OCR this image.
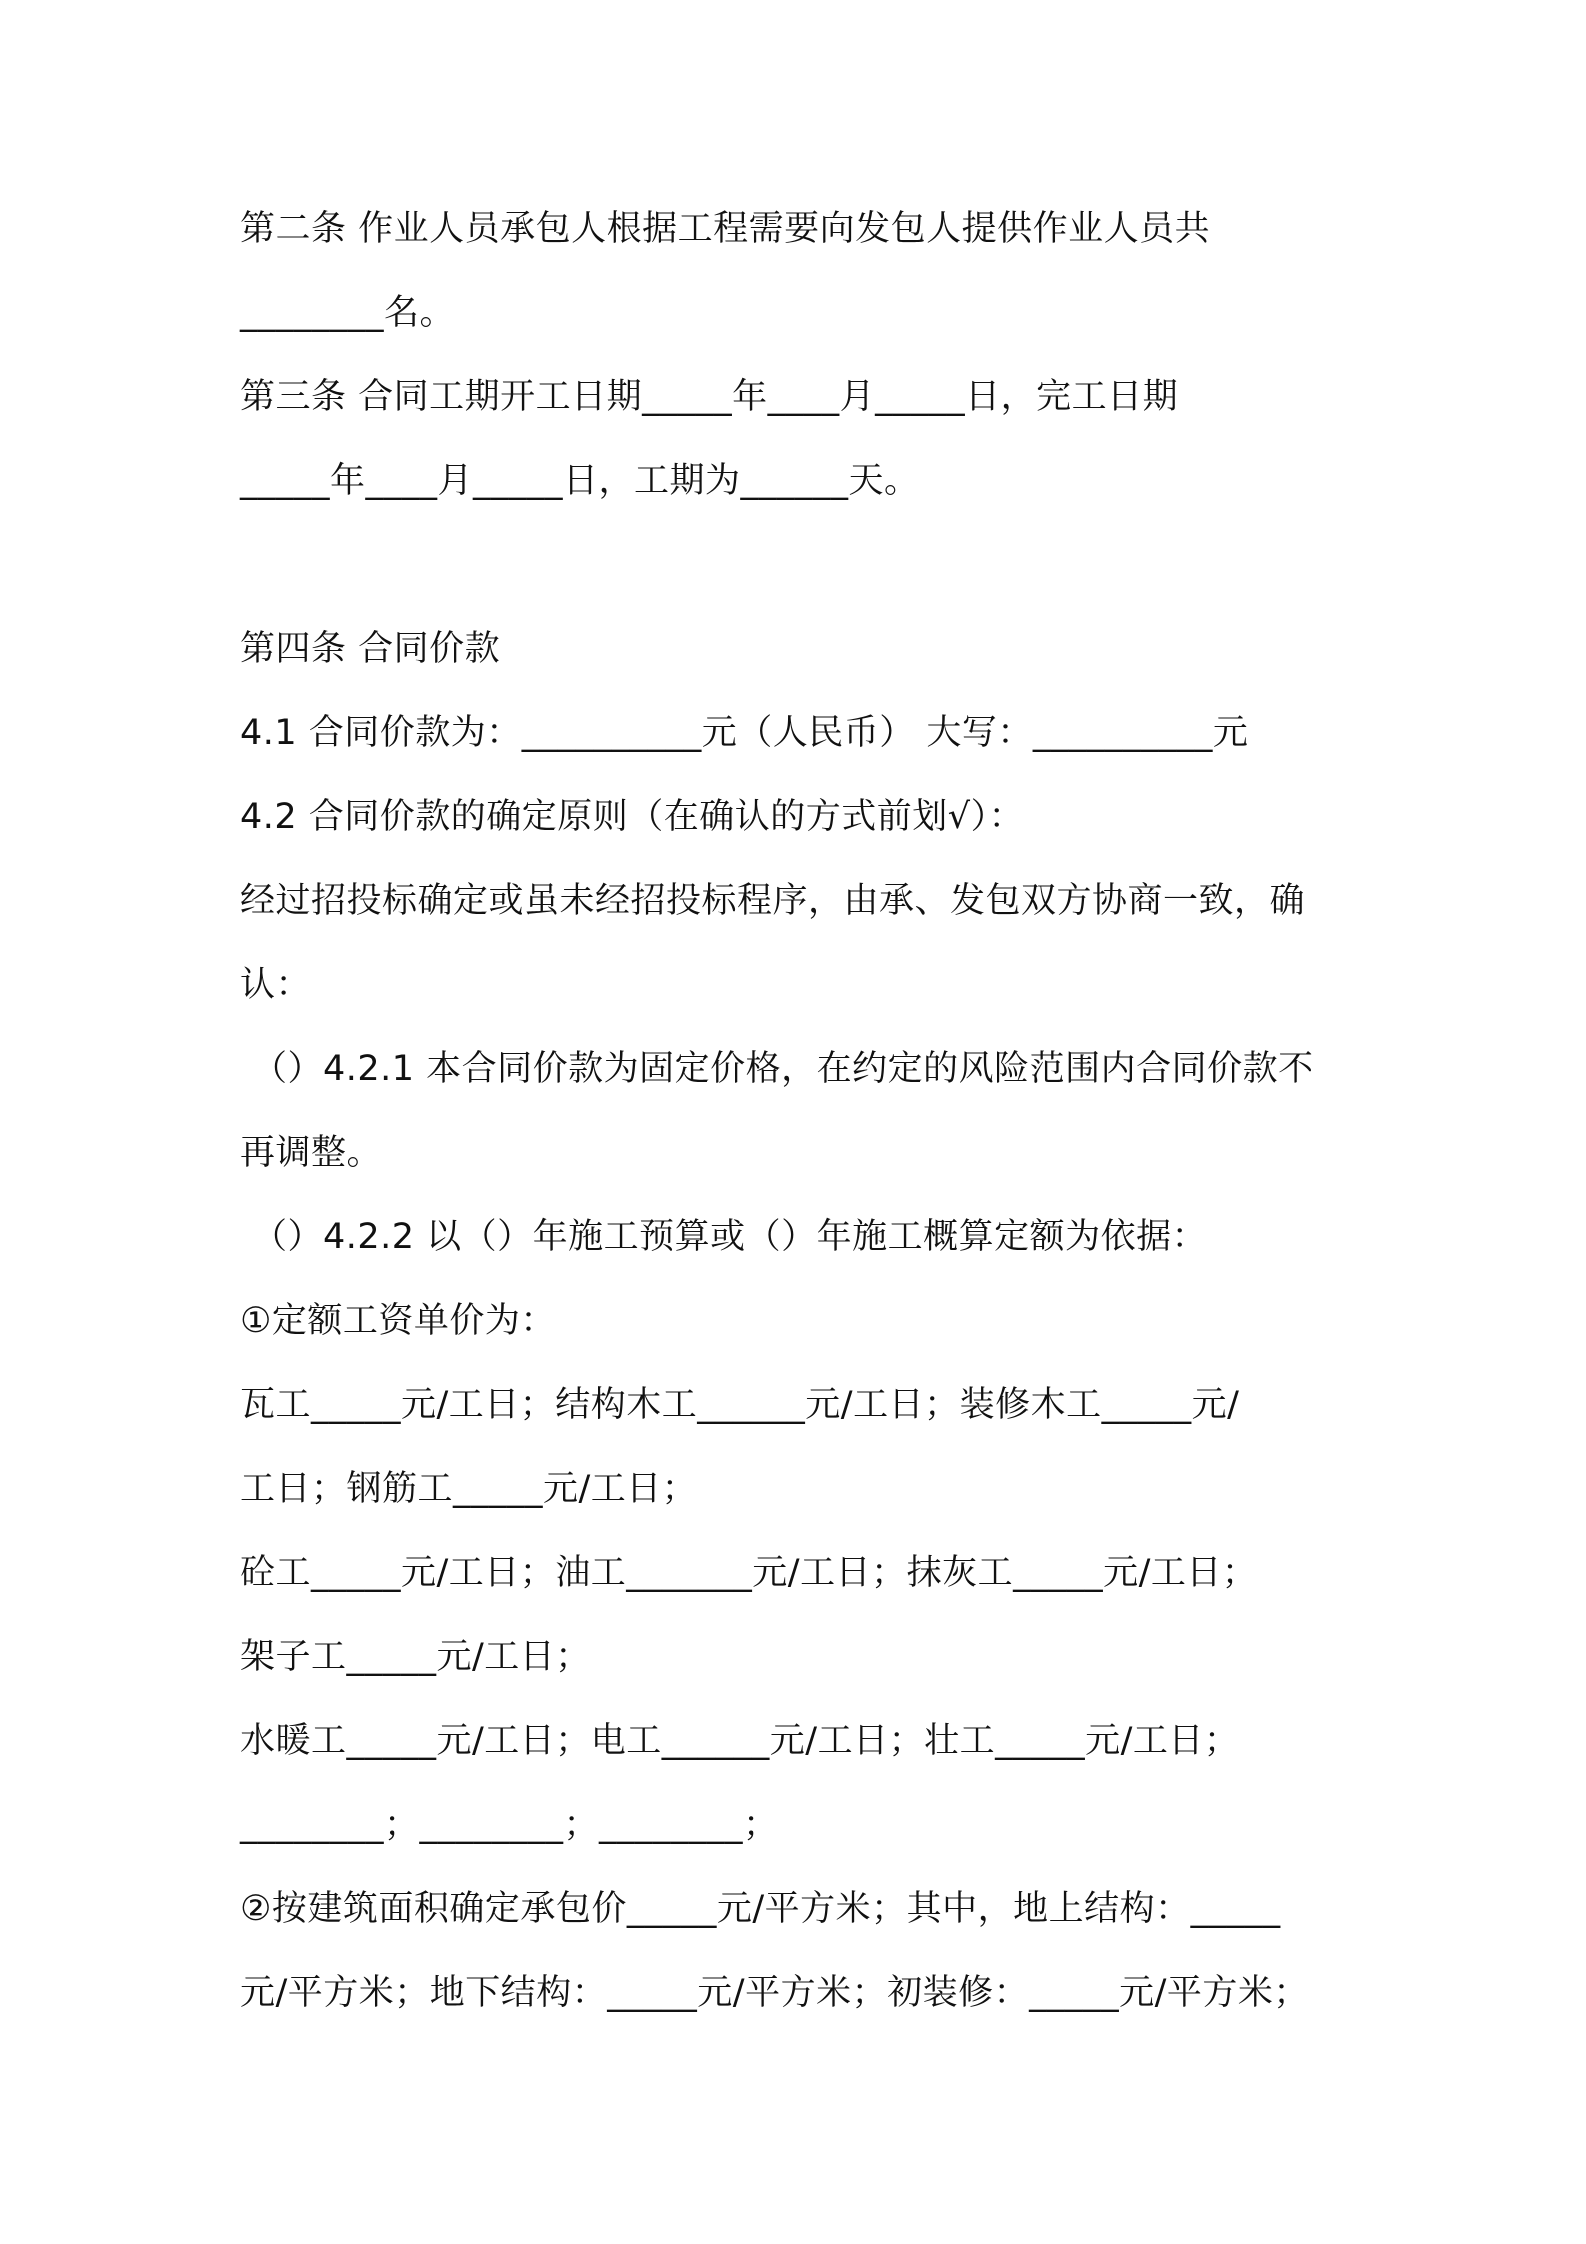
第二条 作业人员承包人根据工程需要向发包人提供作业人员共
________名。
第三条 合同工期开工日期_____年____月_____日，完工日期
_____年____月_____日，工期为______天。
第四条 合同价款
4.1 合同价款为：__________元（人民币） 大写：__________元
4.2 合同价款的确定原则（在确认的方式前划√）：
经过招投标确定或虽未经招投标程序，由承、发包双方协商一致，确
认：
（）4.2.1 本合同价款为固定价格，在约定的风险范围内合同价款不
再调整。
（）4.2.2 以（）年施工预算或（）年施工概算定额为依据：
①定额工资单价为：
瓦工_____元/工日；结构木工______元/工日；装修木工_____元/
工日；钢筋工_____元/工日；
砼工_____元/工日；油工_______元/工日；抹灰工_____元/工日；
架子工_____元/工日；
水暖工_____元/工日；电工______元/工日；壮工_____元/工日；
________；________；________；
②按建筑面积确定承包价_____元/平方米；其中，地上结构：_____
元/平方米；地下结构：_____元/平方米；初装修：_____元/平方米；
